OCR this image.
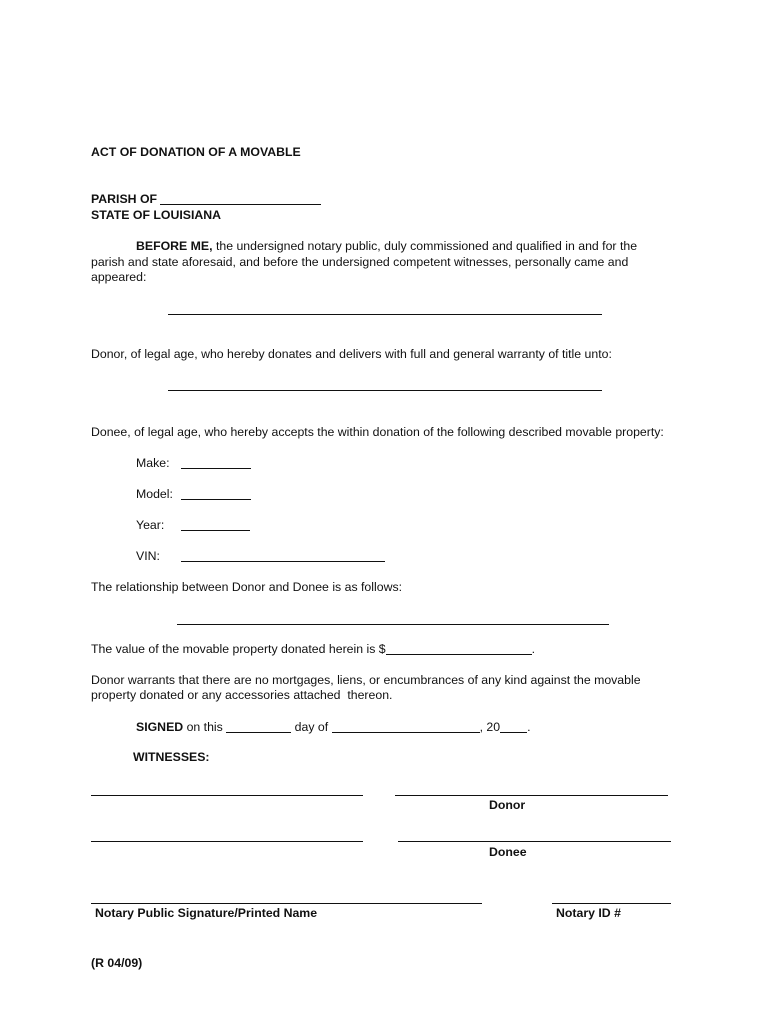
ACT OF DONATION OF A MOVABLE
PARISH OF
STATE OF LOUISIANA
BEFORE ME, the undersigned notary public, duly commissioned and qualified in and for the
parish and state aforesaid, and before the undersigned competent witnesses, personally came and
appeared:
Donor, of legal age, who hereby donates and delivers with full and general warranty of title unto:
Donee, of legal age, who hereby accepts the within donation of the following described movable property:
Make:
Model:
Year:
VIN:
The relationship between Donor and Donee is as follows:
The value of the movable property donated herein is $	.
Donor warrants that there are no mortgages, liens, or encumbrances of any kind against the movable
property donated or any accessories attached  thereon.
SIGNED on this	day of	, 20 .
WITNESSES:
Donor
Donee
Notary Public Signature/Printed Name	Notary ID #
(R 04/09)
